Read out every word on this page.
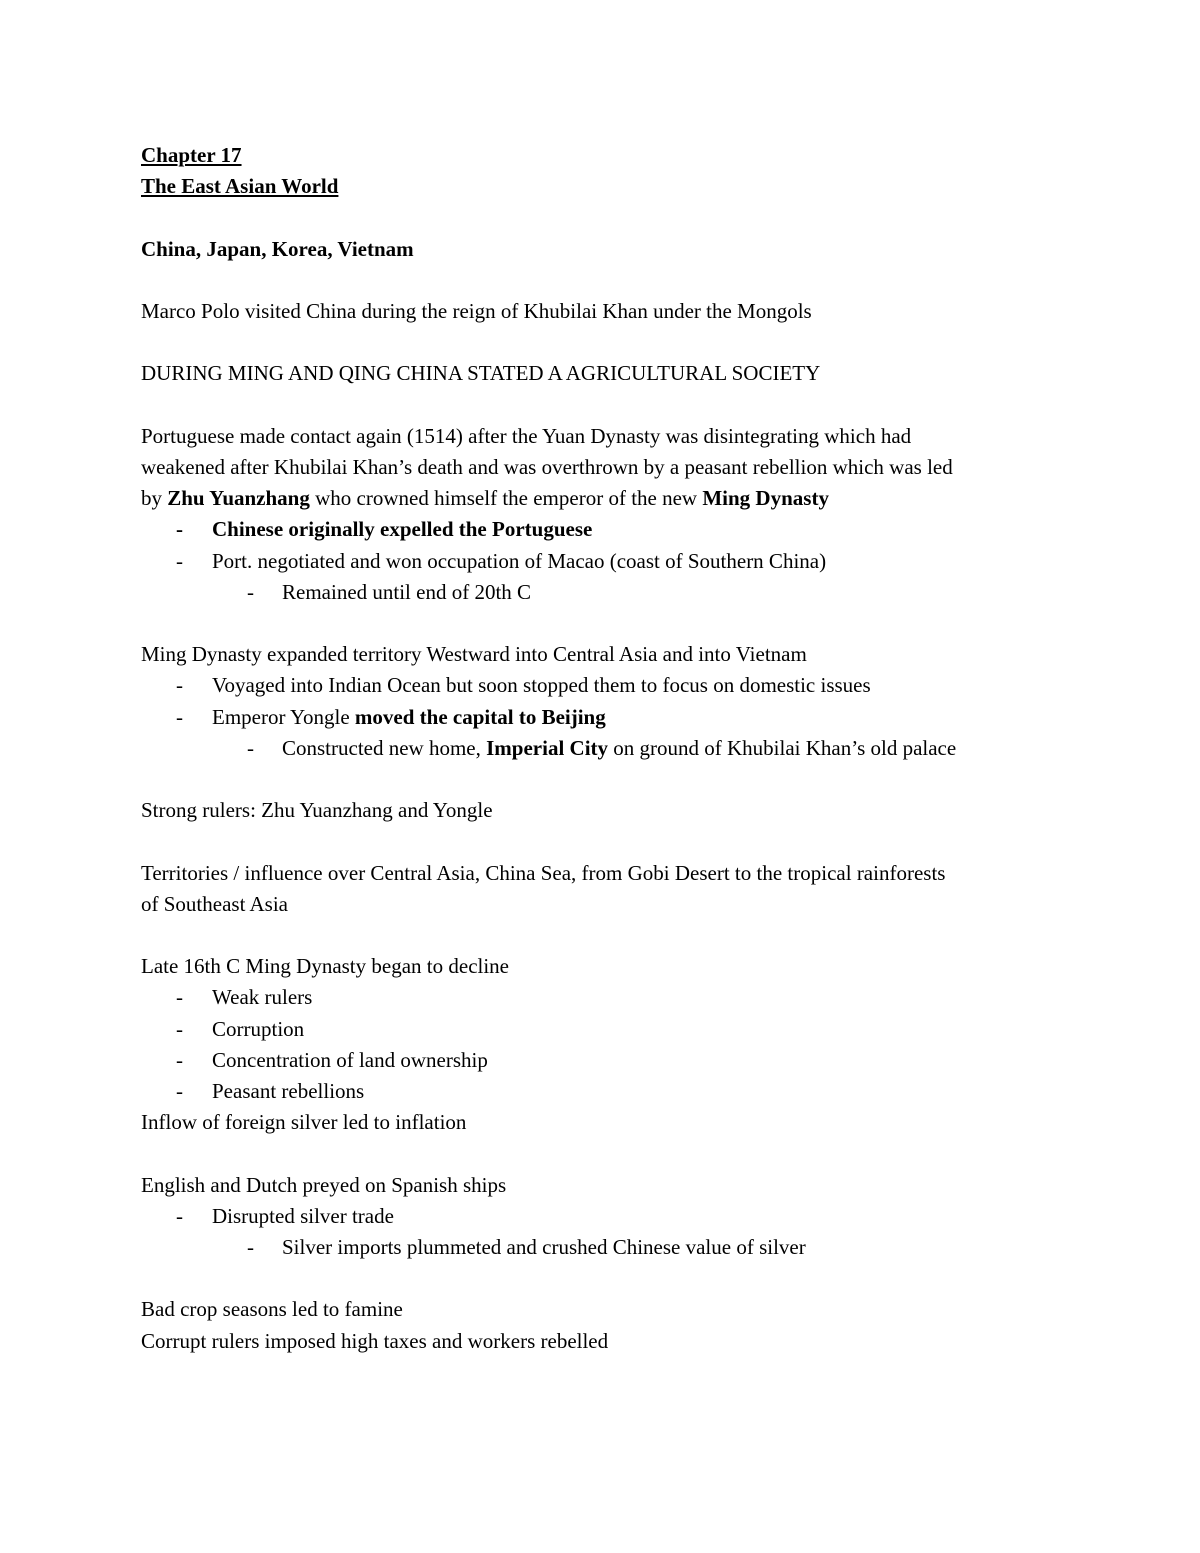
Chapter 17
The East Asian World
China, Japan, Korea, Vietnam
Marco Polo visited China during the reign of Khubilai Khan under the Mongols
DURING MING AND QING CHINA STATED A AGRICULTURAL SOCIETY
Portuguese made contact again (1514) after the Yuan Dynasty was disintegrating which had
weakened after Khubilai Khan’s death and was overthrown by a peasant rebellion which was led
by Zhu Yuanzhang who crowned himself the emperor of the new Ming Dynasty
- Chinese originally expelled the Portuguese
- Port. negotiated and won occupation of Macao (coast of Southern China)
- Remained until end of 20th C
Ming Dynasty expanded territory Westward into Central Asia and into Vietnam
- Voyaged into Indian Ocean but soon stopped them to focus on domestic issues
- Emperor Yongle moved the capital to Beijing
- Constructed new home, Imperial City on ground of Khubilai Khan’s old palace
Strong rulers: Zhu Yuanzhang and Yongle
Territories / influence over Central Asia, China Sea, from Gobi Desert to the tropical rainforests
of Southeast Asia
Late 16th C Ming Dynasty began to decline
- Weak rulers
- Corruption
- Concentration of land ownership
- Peasant rebellions
Inflow of foreign silver led to inflation
English and Dutch preyed on Spanish ships
- Disrupted silver trade
- Silver imports plummeted and crushed Chinese value of silver
Bad crop seasons led to famine
Corrupt rulers imposed high taxes and workers rebelled
